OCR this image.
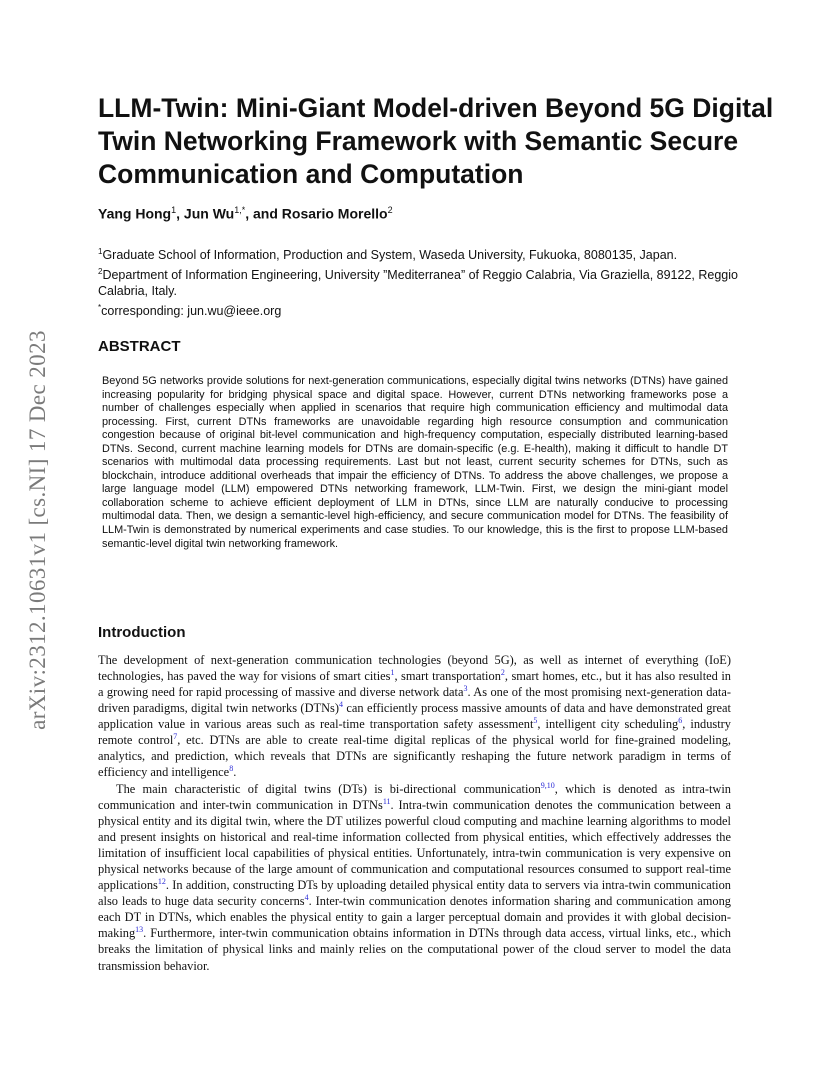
arXiv:2312.10631v1 [cs.NI] 17 Dec 2023
LLM-Twin: Mini-Giant Model-driven Beyond 5G Digital Twin Networking Framework with Semantic Secure Communication and Computation
Yang Hong$^1$, Jun $Wu^{1,*}$, and Rosario Morello$^2$
$^1$Graduate School of Information, Production and System, Waseda University, Fukuoka, 8080135, Japan.
$^2$Department of Information Engineering, University ”Mediterranea” of Reggio Calabria, Via Graziella, 89122, Reggio Calabria, Italy.
*corresponding: jun.wu@ieee.org
ABSTRACT

Beyond 5G networks provide solutions for next-generation communications, especially digital twins networks (DTNs) have gained increasing popularity for bridging physical space and digital space. However, current DTNs networking frameworks pose a number of challenges especially when applied in scenarios that require high communication efficiency and multimodal data processing. First, current DTNs frameworks are unavoidable regarding high resource consumption and communication congestion because of original bit-level communication and high-frequency computation, especially distributed learning-based DTNs. Second, current machine learning models for DTNs are domain-specific (e.g. E-health), making it difficult to handle DT scenarios with multimodal data processing requirements. Last but not least, current security schemes for DTNs, such as blockchain, introduce additional overheads that impair the efficiency of DTNs. To address the above challenges, we propose a large language model (LLM) empowered DTNs networking framework, LLM-Twin. First, we design the mini-giant model collaboration scheme to achieve efficient deployment of LLM in DTNs, since LLM are naturally conducive to processing multimodal data. Then, we design a semantic-level high-efficiency, and secure communication model for DTNs. The feasibility of LLM-Twin is demonstrated by numerical experiments and case studies. To our knowledge, this is the first to propose LLM-based semantic-level digital twin networking framework.

Introduction

The development of next-generation communication technologies (beyond 5G), as well as internet of everything (IoE) technologies, has paved the way for visions of smart cities$^1$, smart transportation$^2$, smart homes, etc., but it has also resulted in a growing need for rapid processing of massive and diverse network data$^3$. As one of the most promising next-generation data-driven paradigms, digital twin networks (DTNs)$^4$ can efficiently process massive amounts of data and have demonstrated great application value in various areas such as real-time transportation safety assessment$^5$, intelligent city scheduling$^6$, industry remote control$^7$, etc. DTNs are able to create real-time digital replicas of the physical world for fine-grained modeling, analytics, and prediction, which reveals that DTNs are significantly reshaping the future network paradigm in terms of efficiency and intelligence$^8$.

The main characteristic of digital twins (DTs) is bi-directional communication$^{9,10}$, which is denoted as intra-twin communication and inter-twin communication in DTNs$^{11}$. Intra-twin communication denotes the communication between a physical entity and its digital twin, where the DT utilizes powerful cloud computing and machine learning algorithms to model and present insights on historical and real-time information collected from physical entities, which effectively addresses the limitation of insufficient local capabilities of physical entities. Unfortunately, intra-twin communication is very expensive on physical networks because of the large amount of communication and computational resources consumed to support real-time applications$^{12}$. In addition, constructing DTs by uploading detailed physical entity data to servers via intra-twin communication also leads to huge data security concerns$^4$. Inter-twin communication denotes information sharing and communication among each DT in DTNs, which enables the physical entity to gain a larger perceptual domain and provides it with global decision-making$^{13}$. Furthermore, inter-twin communication obtains information in DTNs through data access, virtual links, etc., which breaks the limitation of physical links and mainly relies on the computational power of the cloud server to model the data transmission behavior.
